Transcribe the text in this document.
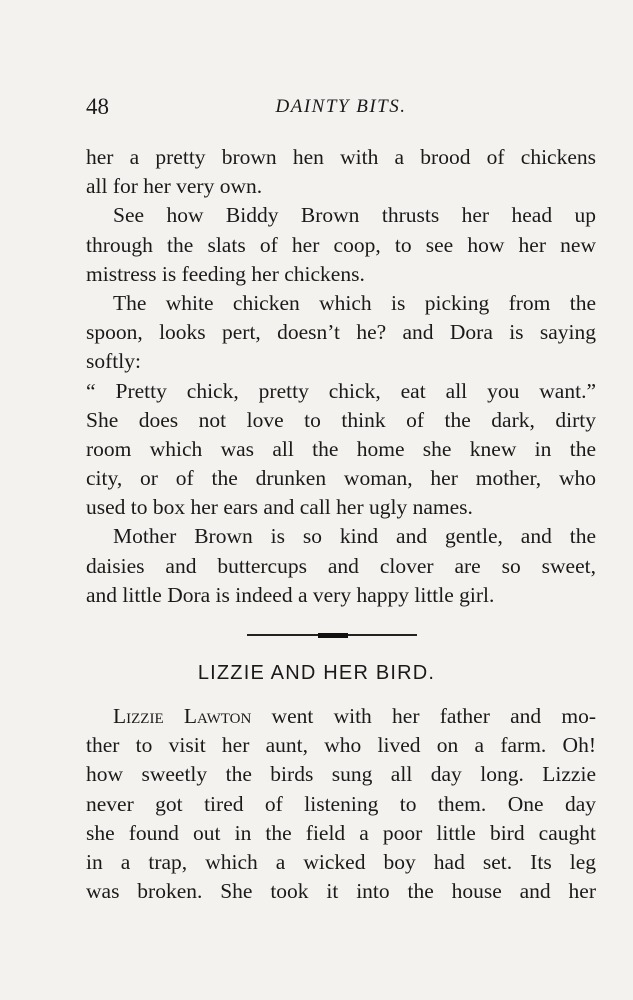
48	DAINTY BITS.
her a pretty brown hen with a brood of chickens
all for her very own.
See how Biddy Brown thrusts her head up
through the slats of her coop, to see how her new
mistress is feeding her chickens.
The white chicken which is picking from the
spoon, looks pert, doesn’t he? and Dora is saying
softly:
“ Pretty chick, pretty chick, eat all you want.”
She does not love to think of the dark, dirty
room which was all the home she knew in the
city, or of the drunken woman, her mother, who
used to box her ears and call her ugly names.
Mother Brown is so kind and gentle, and the
daisies and buttercups and clover are so sweet,
and little Dora is indeed a very happy little girl.
LIZZIE AND HER BIRD.
Lizzie Lawton went with her father and mo-
ther to visit her aunt, who lived on a farm. Oh!
how sweetly the birds sung all day long. Lizzie
never got tired of listening to them. One day
she found out in the field a poor little bird caught
in a trap, which a wicked boy had set. Its leg
was broken. She took it into the house and her
